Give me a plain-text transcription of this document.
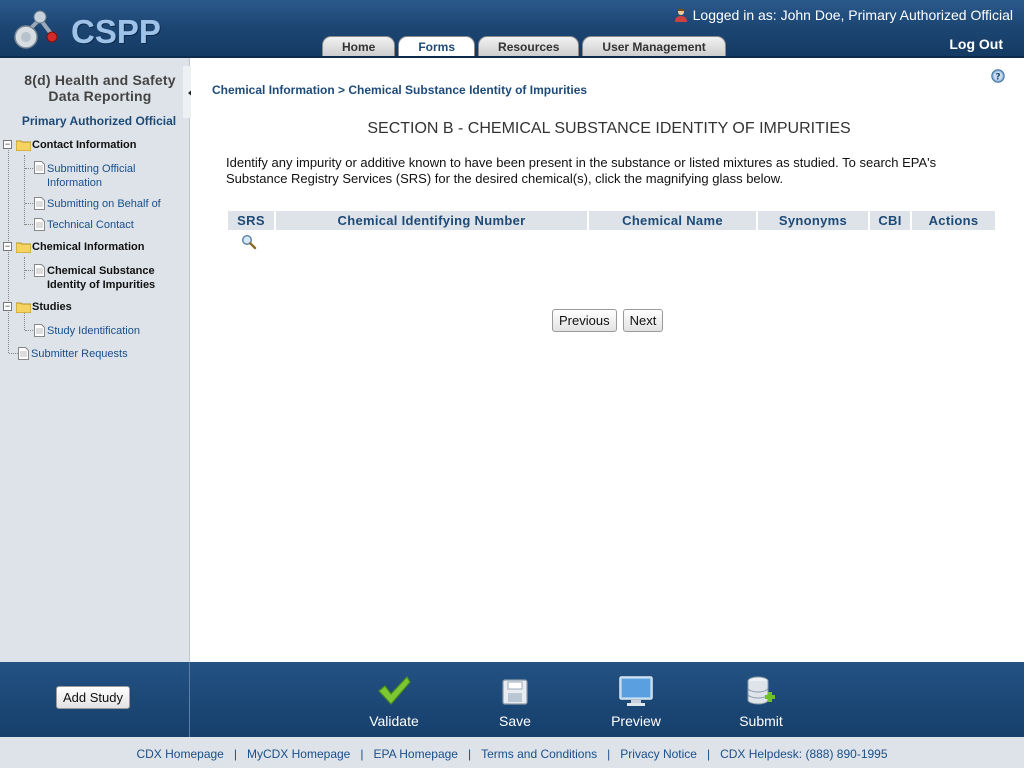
CSPP	Logged in as:
John Doe, Primary Authorized Official
Home	Forms	Resources	User Management	Log Out
8(d) Health and Safety
Data Reporting
Primary Authorized Official
− Contact Information
Submitting Official
Information
Submitting on Behalf of
Technical Contact
− Chemical Information
Chemical Substance
Identity of Impurities
− Studies
Study Identification
Submitter Requests
Chemical Information > Chemical Substance Identity of Impurities
?
SECTION B - CHEMICAL SUBSTANCE IDENTITY OF IMPURITIES
Identify any impurity or additive known to have been present in the substance or listed mixtures as studied. To search EPA's Substance Registry Services (SRS) for the desired chemical(s), click the magnifying glass below.
SRS	Chemical Identifying Number	Chemical Name	Synonyms	CBI	Actions
Previous	Next
Add Study
Validate	Save	Preview	Submit
CDX Homepage | MyCDX Homepage | EPA Homepage | Terms and Conditions | Privacy Notice | CDX Helpdesk: (888) 890-1995
